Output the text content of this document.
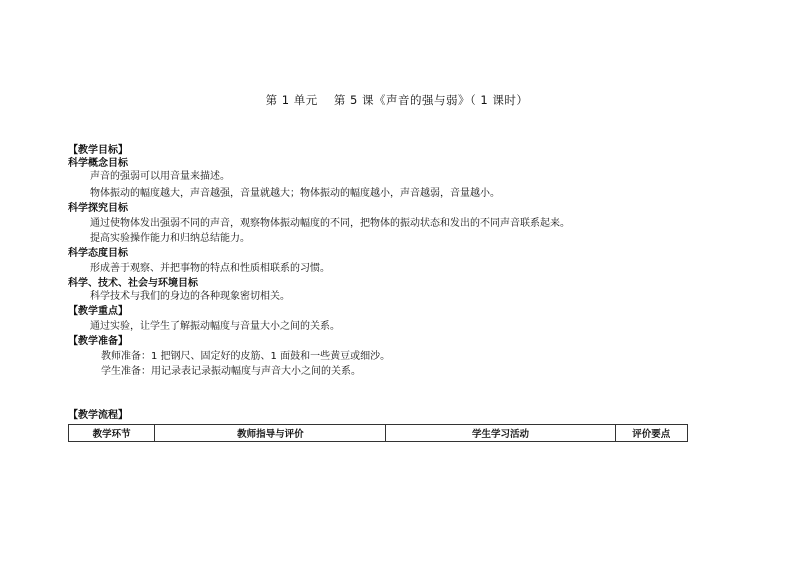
第 1 单元　 第 5 课《声音的强与弱》（ 1 课时）
【教学目标】
科学概念目标
声音的强弱可以用音量来描述。
物体振动的幅度越大，声音越强，音量就越大；物体振动的幅度越小，声音越弱，音量越小。
科学探究目标
通过使物体发出强弱不同的声音，观察物体振动幅度的不同，把物体的振动状态和发出的不同声音联系起来。
提高实验操作能力和归纳总结能力。
科学态度目标
形成善于观察、并把事物的特点和性质相联系的习惯。
科学、技术、社会与环境目标
科学技术与我们的身边的各种现象密切相关。
【教学重点】
通过实验，让学生了解振动幅度与音量大小之间的关系。
【教学准备】
教师准备：1 把钢尺、固定好的皮筋、1 面鼓和一些黄豆或细沙。
学生准备：用记录表记录振动幅度与声音大小之间的关系。
【教学流程】
教学环节	教师指导与评价	学生学习活动	评价要点
